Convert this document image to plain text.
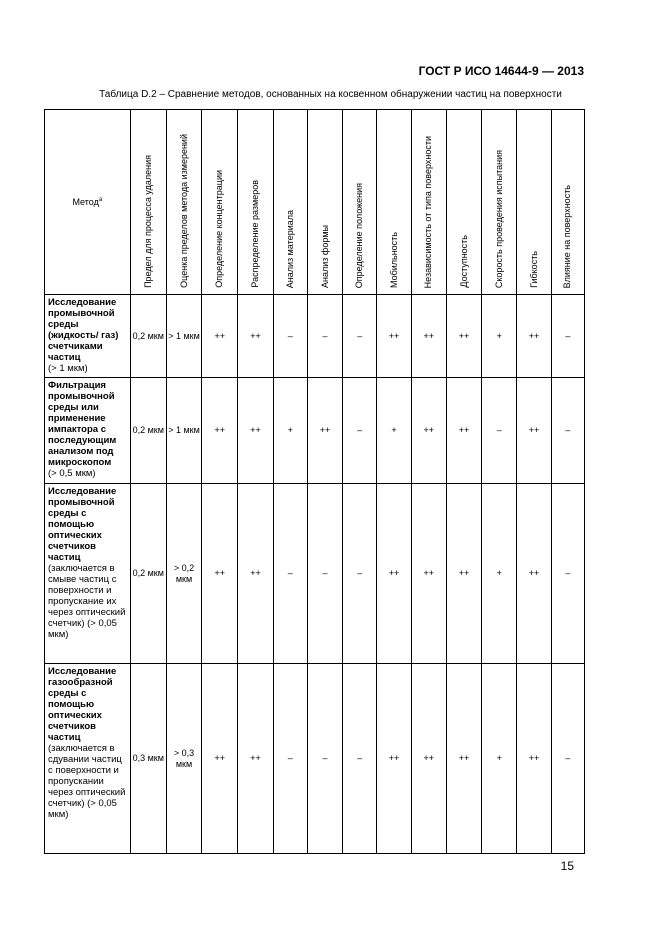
ГОСТ Р ИСО 14644-9 — 2013
Таблица D.2 – Сравнение методов, основанных на косвенном обнаружении частиц на поверхности
Метод$^a$	Предел для процесса удаления	Оценка пределов метода измерений	Определение концентрации	Распределение размеров	Анализ материала	Анализ формы	Определение положения	Мобильность	Независимость от типа поверхности	Доступность	Скорость проведения испытания	Гибкость	Влияние на поверхность

Исследование промывочной среды (жидкость/ газ) счетчиками частиц
(> 1 мкм)	0,2 мкм	> 1 мкм	++	++	–	–	–	++	++	++	+	++	–

Фильтрация промывочной среды или применение импактора с последующим анализом под микроскопом
(> 0,5 мкм)	0,2 мкм	> 1 мкм	++	++	+	++	–	+	++	++	–	++	–

Исследование промывочной среды с помощью оптических счетчиков частиц
(заключается в смыве частиц с поверхности и пропускание их через оптический счетчик) (> 0,05 мкм)	0,2 мкм	> 0,2 мкм	++	++	–	–	–	++	++	++	+	++	–

Исследование газообразной среды с помощью оптических счетчиков частиц
(заключается в сдувании частиц с поверхности и пропускании через оптический счетчик) (> 0,05 мкм)	0,3 мкм	> 0,3 мкм	++	++	–	–	–	++	++	++	+	++	–
15
